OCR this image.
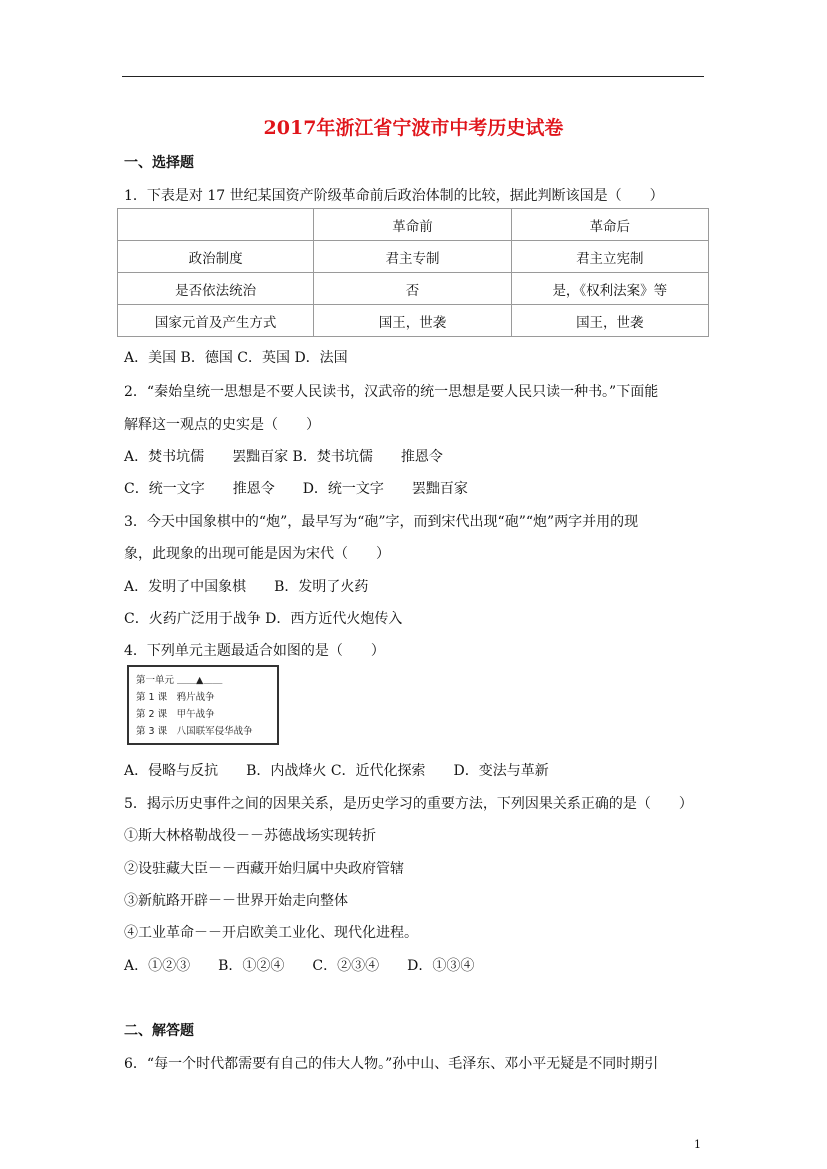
2017年浙江省宁波市中考历史试卷
一、选择题
1．下表是对 17 世纪某国资产阶级革命前后政治体制的比较，据此判断该国是（　　）
	革命前	革命后
政治制度	君主专制	君主立宪制
是否依法统治	否	是，《权利法案》等
国家元首及产生方式	国王，世袭	国王，世袭
A．美国 B．德国 C．英国 D．法国
2．“秦始皇统一思想是不要人民读书，汉武帝的统一思想是要人民只读一种书。”下面能
解释这一观点的史实是（　　）
A．焚书坑儒　　罢黜百家 B．焚书坑儒　　推恩令
C．统一文字　　推恩令　　D．统一文字　　罢黜百家
3．今天中国象棋中的“炮”，最早写为“砲”字，而到宋代出现“砲”“炮”两字并用的现
象，此现象的出现可能是因为宋代（　　）
A．发明了中国象棋　　B．发明了火药
C．火药广泛用于战争 D．西方近代火炮传入
4．下列单元主题最适合如图的是（　　）
第一单元 ＿＿▲＿＿
第 1 课　鸦片战争
第 2 课　甲午战争
第 3 课　八国联军侵华战争
A．侵略与反抗　　B．内战烽火 C．近代化探索　　D．变法与革新
5．揭示历史事件之间的因果关系，是历史学习的重要方法，下列因果关系正确的是（　　）
①斯大林格勒战役－－苏德战场实现转折
②设驻藏大臣－－西藏开始归属中央政府管辖
③新航路开辟－－世界开始走向整体
④工业革命－－开启欧美工业化、现代化进程。
A．①②③　　B．①②④　　C．②③④　　D．①③④
二、解答题
6．“每一个时代都需要有自己的伟大人物。”孙中山、毛泽东、邓小平无疑是不同时期引
1
